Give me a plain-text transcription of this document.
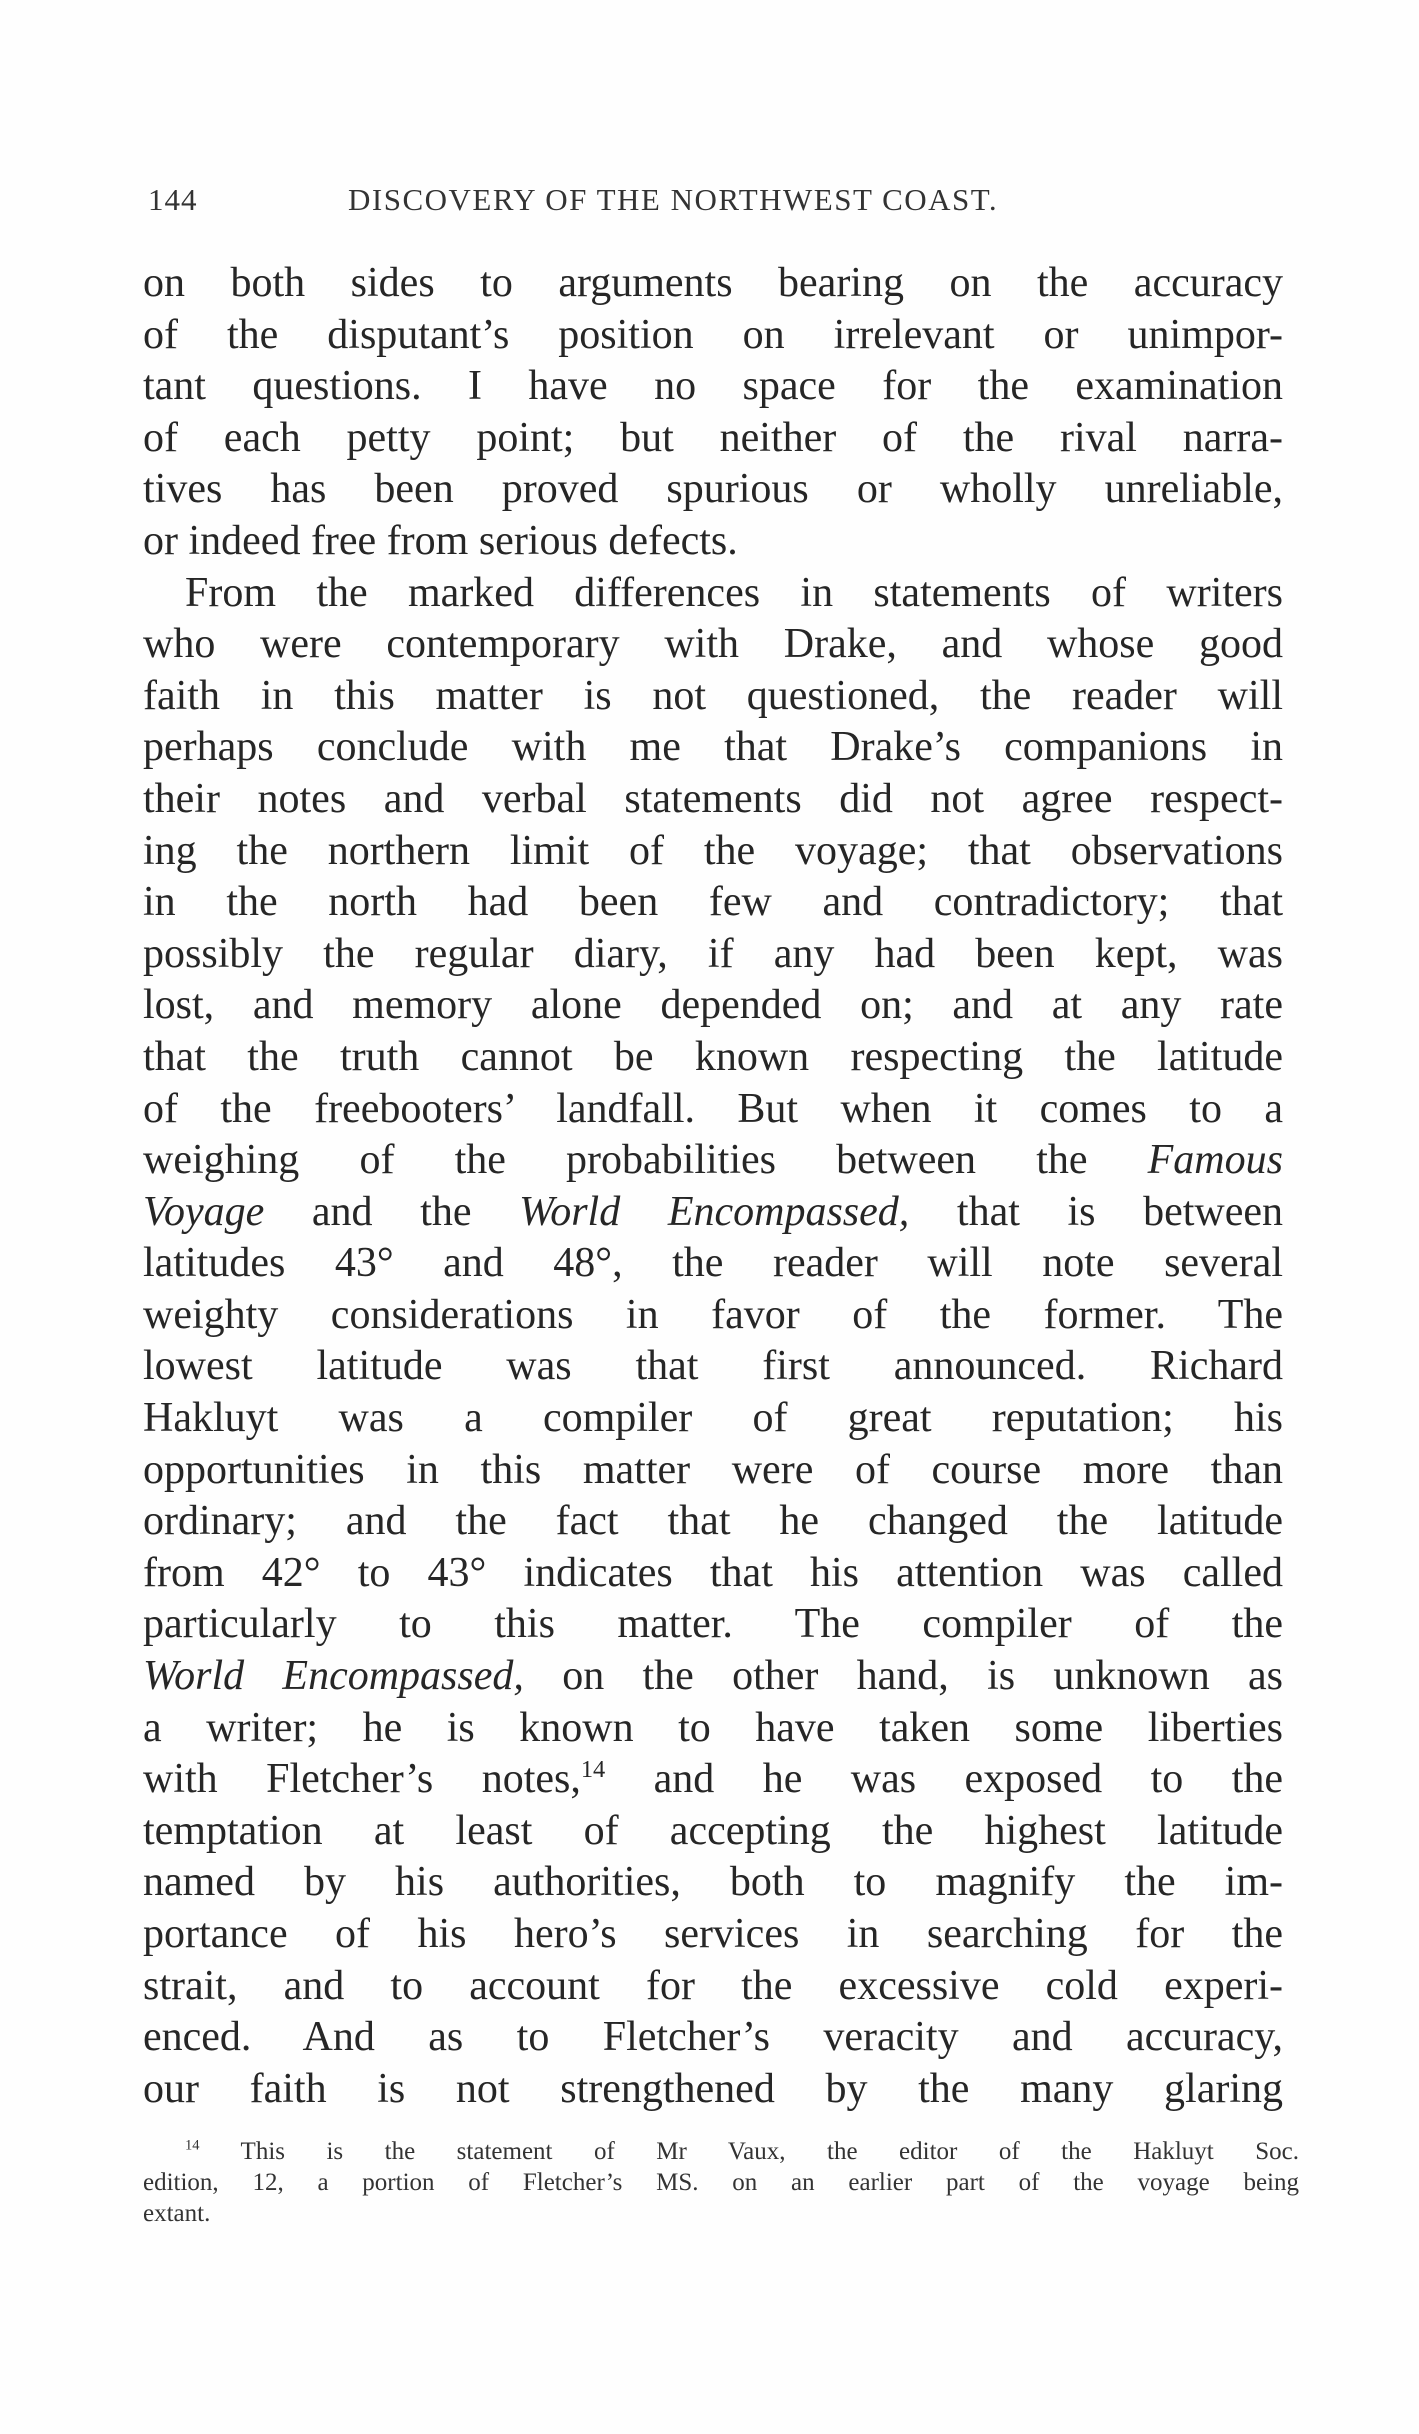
144	DISCOVERY OF THE NORTHWEST COAST.

on both sides to arguments bearing on the accuracy
of the disputant’s position on irrelevant or unimpor-
tant questions. I have no space for the examination
of each petty point; but neither of the rival narra-
tives has been proved spurious or wholly unreliable,
or indeed free from serious defects.

From the marked differences in statements of writers
who were contemporary with Drake, and whose good
faith in this matter is not questioned, the reader will
perhaps conclude with me that Drake’s companions in
their notes and verbal statements did not agree respect-
ing the northern limit of the voyage; that observations
in the north had been few and contradictory; that
possibly the regular diary, if any had been kept, was
lost, and memory alone depended on; and at any rate
that the truth cannot be known respecting the latitude
of the freebooters’ landfall. But when it comes to a
weighing of the probabilities between the Famous
Voyage and the World Encompassed, that is between
latitudes 43° and 48°, the reader will note several
weighty considerations in favor of the former. The
lowest latitude was that first announced. Richard
Hakluyt was a compiler of great reputation; his
opportunities in this matter were of course more than
ordinary; and the fact that he changed the latitude
from 42° to 43° indicates that his attention was called
particularly to this matter. The compiler of the
World Encompassed, on the other hand, is unknown as
a writer; he is known to have taken some liberties
with Fletcher’s notes,$^{14}$ and he was exposed to the
temptation at least of accepting the highest latitude
named by his authorities, both to magnify the im-
portance of his hero’s services in searching for the
strait, and to account for the excessive cold experi-
enced. And as to Fletcher’s veracity and accuracy,
our faith is not strengthened by the many glaring

$^{14}$ This is the statement of Mr Vaux, the editor of the Hakluyt Soc.
edition, 12, a portion of Fletcher’s MS. on an earlier part of the voyage being
extant.
